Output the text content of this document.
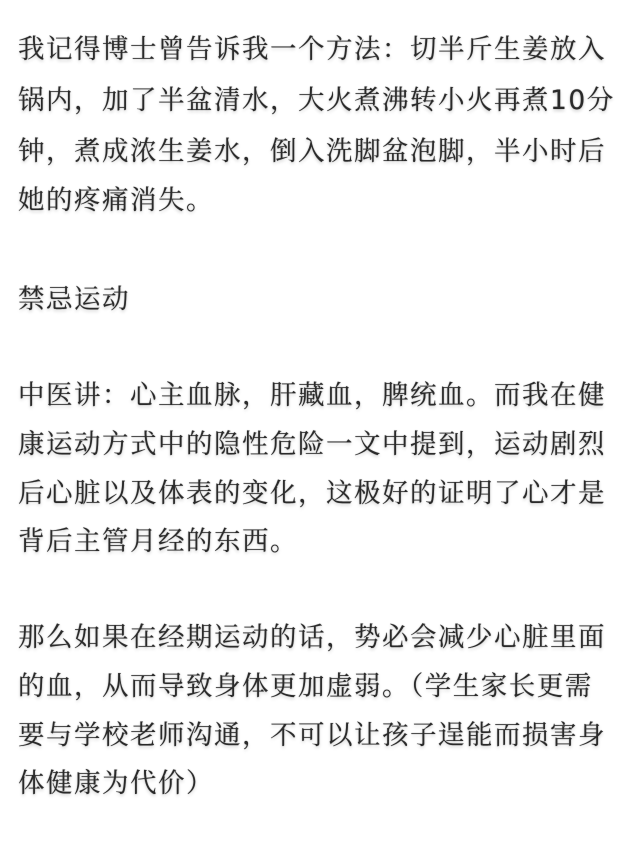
我记得博士曾告诉我一个方法：切半斤生姜放入
锅内，加了半盆清水，大火煮沸转小火再煮10分
钟，煮成浓生姜水，倒入洗脚盆泡脚，半小时后
她的疼痛消失。
禁忌运动
中医讲：心主血脉，肝藏血，脾统血。而我在健
康运动方式中的隐性危险一文中提到，运动剧烈
后心脏以及体表的变化，这极好的证明了心才是
背后主管月经的东西。
那么如果在经期运动的话，势必会减少心脏里面
的血，从而导致身体更加虚弱。（学生家长更需
要与学校老师沟通，不可以让孩子逞能而损害身
体健康为代价）
